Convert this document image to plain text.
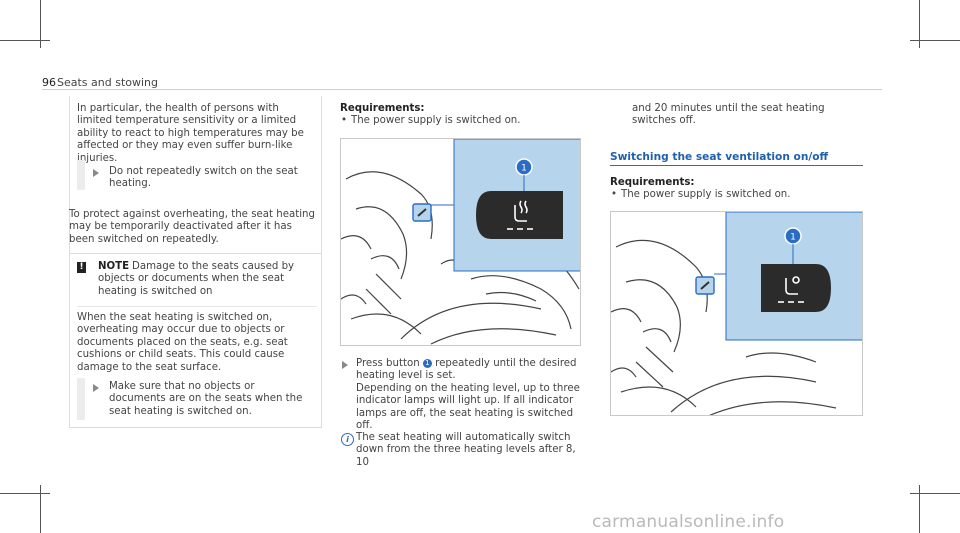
96 Seats and stowing
In particular, the health of persons with limited temperature sensitivity or a limited ability to react to high temperatures may be affected or they may even suffer burn-like injuries.
Do not repeatedly switch on the seat heating.
To protect against overheating, the seat heating may be temporarily deactivated after it has been switched on repeatedly.
! NOTE Damage to the seats caused by objects or documents when the seat heating is switched on
When the seat heating is switched on, overheating may occur due to objects or documents placed on the seats, e.g. seat cushions or child seats. This could cause damage to the seat surface.
Make sure that no objects or documents are on the seats when the seat heating is switched on.
Requirements:
• The power supply is switched on.
1
Press button 1 repeatedly until the desired heating level is set.
Depending on the heating level, up to three indicator lamps will light up. If all indicator lamps are off, the seat heating is switched off.
i The seat heating will automatically switch down from the three heating levels after 8, 10
and 20 minutes until the seat heating switches off.
Switching the seat ventilation on/off
Requirements:
• The power supply is switched on.
1
carmanualsonline.info
